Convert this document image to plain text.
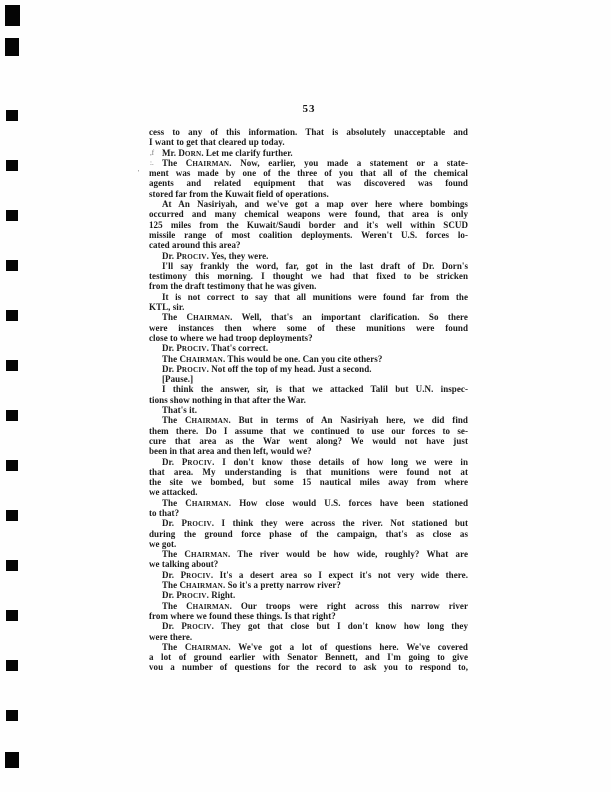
53
cess to any of this information. That is absolutely unacceptable and
I want to get that cleared up today.
,f Mr. DORN. Let me clarify further.
:. The CHAIRMAN. Now, earlier, you made a statement or a state-
' ment was made by one of the three of you that all of the chemical
agents and related equipment that was discovered was found
stored far from the Kuwait field of operations.
At An Nasiriyah, and we've got a map over here where bombings
occurred and many chemical weapons were found, that area is only
125 miles from the Kuwait/Saudi border and it's well within SCUD
missile range of most coalition deployments. Weren't U.S. forces lo-
cated around this area?
Dr. PROCIV. Yes, they were.
I'll say frankly the word, far, got in the last draft of Dr. Dorn's
testimony this morning. I thought we had that fixed to be stricken
from the draft testimony that he was given.
It is not correct to say that all munitions were found far from the
KTL, sir.
The CHAIRMAN. Well, that's an important clarification. So there
were instances then where some of these munitions were found
close to where we had troop deployments?
Dr. PROCIV. That's correct.
The CHAIRMAN. This would be one. Can you cite others?
Dr. PROCIV. Not off the top of my head. Just a second.
[Pause.]
I think the answer, sir, is that we attacked Talil but U.N. inspec-
tions show nothing in that after the War.
That's it.
The CHAIRMAN. But in terms of An Nasiriyah here, we did find
them there. Do I assume that we continued to use our forces to se-
cure that area as the War went along? We would not have just
been in that area and then left, would we?
Dr. PROCIV. I don't know those details of how long we were in
that area. My understanding is that munitions were found not at
the site we bombed, but some 15 nautical miles away from where
we attacked.
The CHAIRMAN. How close would U.S. forces have been stationed
to that?
Dr. PROCIV. I think they were across the river. Not stationed but
during the ground force phase of the campaign, that's as close as
we got.
The CHAIRMAN. The river would be how wide, roughly? What are
we talking about?
Dr. PROCIV. It's a desert area so I expect it's not very wide there.
The CHAIRMAN. So it's a pretty narrow river?
Dr. PROCIV. Right.
The CHAIRMAN. Our troops were right across this narrow river
from where we found these things. Is that right?
Dr. PROCIV. They got that close but I don't know how long they
were there.
The CHAIRMAN. We've got a lot of questions here. We've covered
a lot of ground earlier with Senator Bennett, and I'm going to give
vou a number of questions for the record to ask you to respond to,
